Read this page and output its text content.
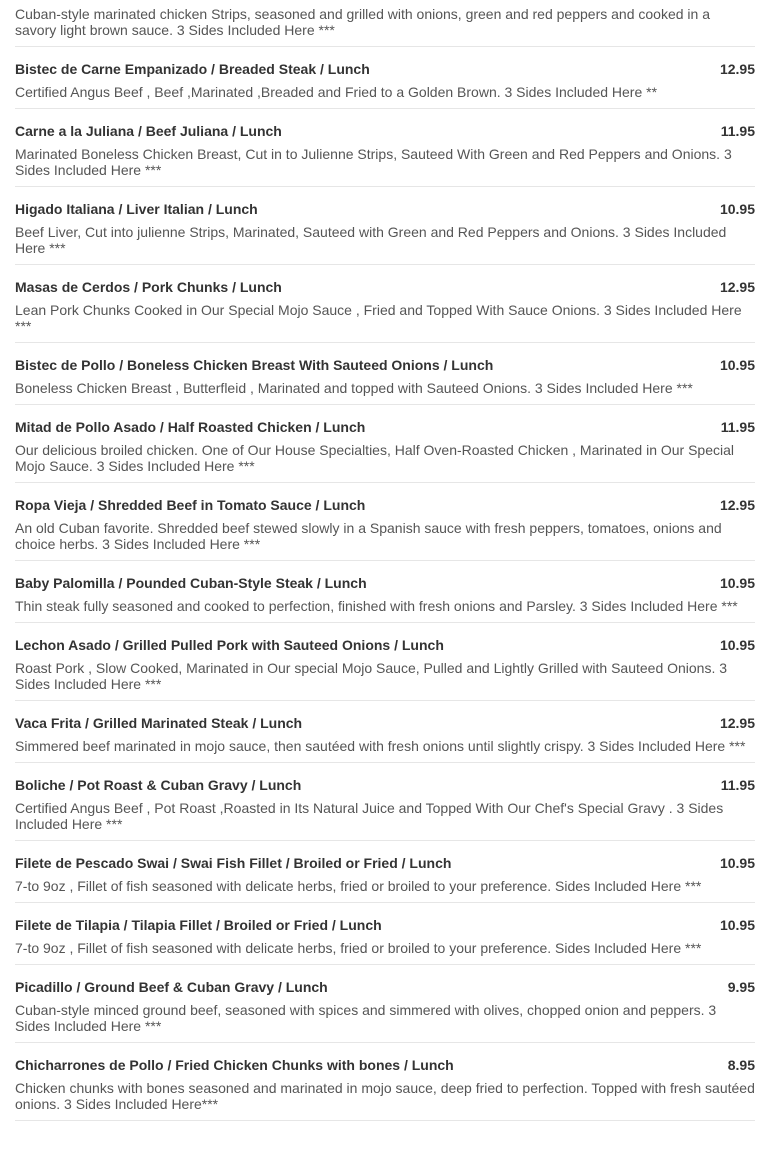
Cuban-style marinated chicken Strips, seasoned and grilled with onions, green and red peppers and cooked in a savory light brown sauce. 3 Sides Included Here ***

Bistec de Carne Empanizado / Breaded Steak / Lunch	12.95

Certified Angus Beef , Beef ,Marinated ,Breaded and Fried to a Golden Brown. 3 Sides Included Here **

Carne a la Juliana / Beef Juliana / Lunch	11.95

Marinated Boneless Chicken Breast, Cut in to Julienne Strips, Sauteed With Green and Red Peppers and Onions. 3 Sides Included Here ***

Higado Italiana / Liver Italian / Lunch	10.95

Beef Liver, Cut into julienne Strips, Marinated, Sauteed with Green and Red Peppers and Onions. 3 Sides Included Here ***

Masas de Cerdos / Pork Chunks / Lunch	12.95

Lean Pork Chunks Cooked in Our Special Mojo Sauce , Fried and Topped With Sauce Onions. 3 Sides Included Here ***

Bistec de Pollo / Boneless Chicken Breast With Sauteed Onions / Lunch	10.95

Boneless Chicken Breast , Butterfleid , Marinated and topped with Sauteed Onions. 3 Sides Included Here ***

Mitad de Pollo Asado / Half Roasted Chicken / Lunch	11.95

Our delicious broiled chicken. One of Our House Specialties, Half Oven-Roasted Chicken , Marinated in Our Special Mojo Sauce. 3 Sides Included Here ***

Ropa Vieja / Shredded Beef in Tomato Sauce / Lunch	12.95

An old Cuban favorite. Shredded beef stewed slowly in a Spanish sauce with fresh peppers, tomatoes, onions and choice herbs. 3 Sides Included Here ***

Baby Palomilla / Pounded Cuban-Style Steak / Lunch	10.95

Thin steak fully seasoned and cooked to perfection, finished with fresh onions and Parsley. 3 Sides Included Here ***

Lechon Asado / Grilled Pulled Pork with Sauteed Onions / Lunch	10.95

Roast Pork , Slow Cooked, Marinated in Our special Mojo Sauce, Pulled and Lightly Grilled with Sauteed Onions. 3 Sides Included Here ***

Vaca Frita / Grilled Marinated Steak / Lunch	12.95

Simmered beef marinated in mojo sauce, then sautéed with fresh onions until slightly crispy. 3 Sides Included Here ***

Boliche / Pot Roast & Cuban Gravy / Lunch	11.95

Certified Angus Beef , Pot Roast ,Roasted in Its Natural Juice and Topped With Our Chef's Special Gravy . 3 Sides Included Here ***

Filete de Pescado Swai / Swai Fish Fillet / Broiled or Fried / Lunch	10.95

7-to 9oz , Fillet of fish seasoned with delicate herbs, fried or broiled to your preference. Sides Included Here ***

Filete de Tilapia / Tilapia Fillet / Broiled or Fried / Lunch	10.95

7-to 9oz , Fillet of fish seasoned with delicate herbs, fried or broiled to your preference. Sides Included Here ***

Picadillo / Ground Beef & Cuban Gravy / Lunch	9.95

Cuban-style minced ground beef, seasoned with spices and simmered with olives, chopped onion and peppers. 3 Sides Included Here ***

Chicharrones de Pollo / Fried Chicken Chunks with bones / Lunch	8.95

Chicken chunks with bones seasoned and marinated in mojo sauce, deep fried to perfection. Topped with fresh sautéed onions. 3 Sides Included Here***
